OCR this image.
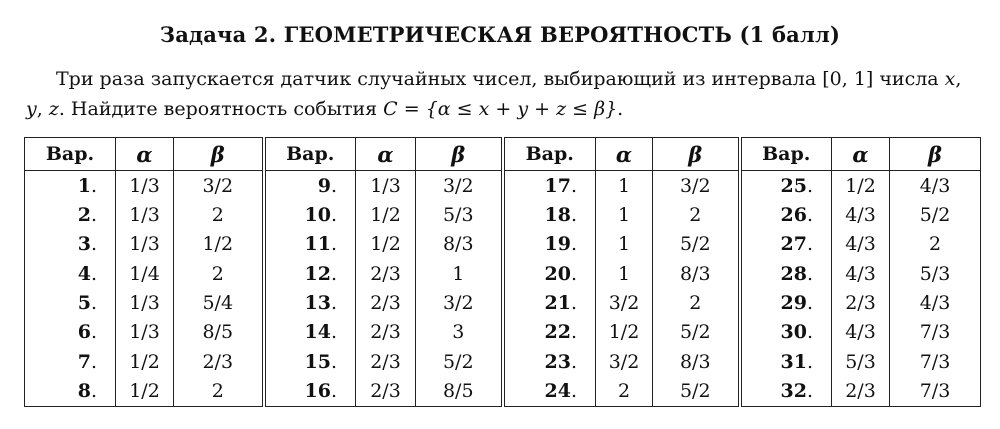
Задача 2. ГЕОМЕТРИЧЕСКАЯ ВЕРОЯТНОСТЬ (1 балл)
Три раза запускается датчик случайных чисел, выбирающий из интервала [0, 1] числа x, y, z. Найдите вероятность события C = {α ≤ x + y + z ≤ β}.
Вар.	α	β	Вар.	α	β	Вар.	α	β	Вар.	α	β
1.	1/3	3/2	9.	1/3	3/2	17.	1	3/2	25.	1/2	4/3
2.	1/3	2	10.	1/2	5/3	18.	1	2	26.	4/3	5/2
3.	1/3	1/2	11.	1/2	8/3	19.	1	5/2	27.	4/3	2
4.	1/4	2	12.	2/3	1	20.	1	8/3	28.	4/3	5/3
5.	1/3	5/4	13.	2/3	3/2	21.	3/2	2	29.	2/3	4/3
6.	1/3	8/5	14.	2/3	3	22.	1/2	5/2	30.	4/3	7/3
7.	1/2	2/3	15.	2/3	5/2	23.	3/2	8/3	31.	5/3	7/3
8.	1/2	2	16.	2/3	8/5	24.	2	5/2	32.	2/3	7/3
